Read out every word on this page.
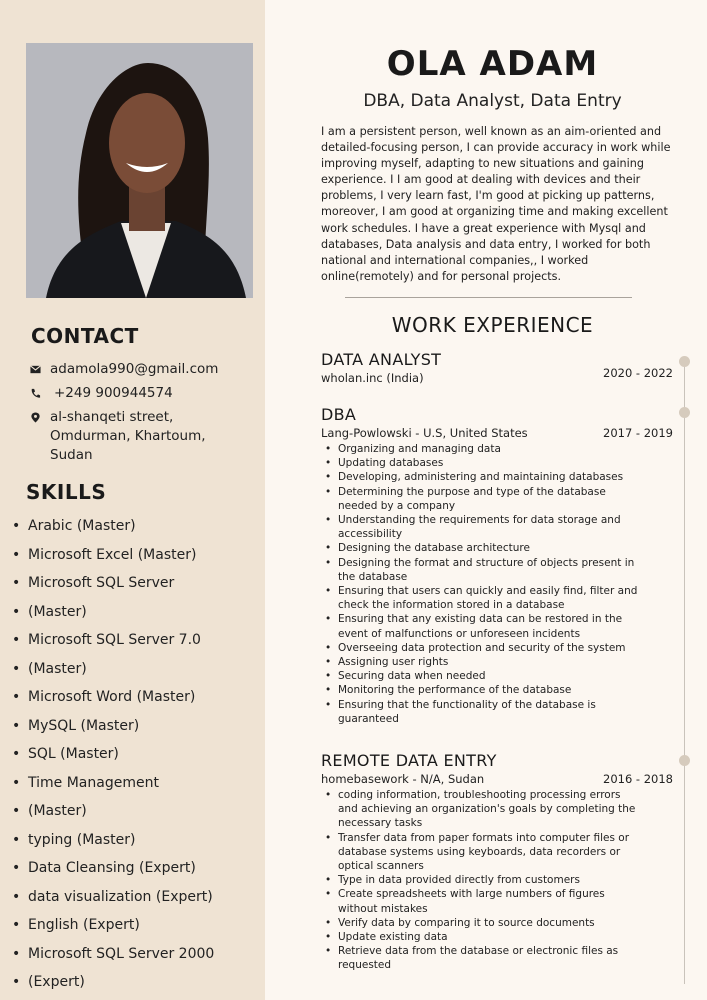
CONTACT
adamola990@gmail.com
+249 900944574
al-shanqeti street,
Omdurman, Khartoum,
Sudan
SKILLS
• Arabic (Master)
• Microsoft Excel (Master)
• Microsoft SQL Server
• (Master)
• Microsoft SQL Server 7.0
• (Master)
• Microsoft Word (Master)
• MySQL (Master)
• SQL (Master)
• Time Management
• (Master)
• typing (Master)
• Data Cleansing (Expert)
• data visualization (Expert)
• English (Expert)
• Microsoft SQL Server 2000
• (Expert)
OLA ADAM
DBA, Data Analyst, Data Entry
I am a persistent person, well known as an aim-oriented and detailed-focusing person, I can provide accuracy in work while improving myself, adapting to new situations and gaining experience. I I am good at dealing with devices and their problems, I very learn fast, I'm good at picking up patterns, moreover, I am good at organizing time and making excellent work schedules. I have a great experience with Mysql and databases, Data analysis and data entry, I worked for both national and international companies,, I worked online(remotely) and for personal projects.
WORK EXPERIENCE
DATA ANALYST
wholan.inc (India)	2020 - 2022
DBA
Lang-Powlowski - U.S, United States	2017 - 2019
• Organizing and managing data
• Updating databases
• Developing, administering and maintaining databases
• Determining the purpose and type of the database needed by a company
• Understanding the requirements for data storage and accessibility
• Designing the database architecture
• Designing the format and structure of objects present in the database
• Ensuring that users can quickly and easily find, filter and check the information stored in a database
• Ensuring that any existing data can be restored in the event of malfunctions or unforeseen incidents
• Overseeing data protection and security of the system
• Assigning user rights
• Securing data when needed
• Monitoring the performance of the database
• Ensuring that the functionality of the database is guaranteed
REMOTE DATA ENTRY
homebasework - N/A, Sudan	2016 - 2018
• coding information, troubleshooting processing errors and achieving an organization's goals by completing the necessary tasks
• Transfer data from paper formats into computer files or database systems using keyboards, data recorders or optical scanners
• Type in data provided directly from customers
• Create spreadsheets with large numbers of figures without mistakes
• Verify data by comparing it to source documents
• Update existing data
• Retrieve data from the database or electronic files as requested
